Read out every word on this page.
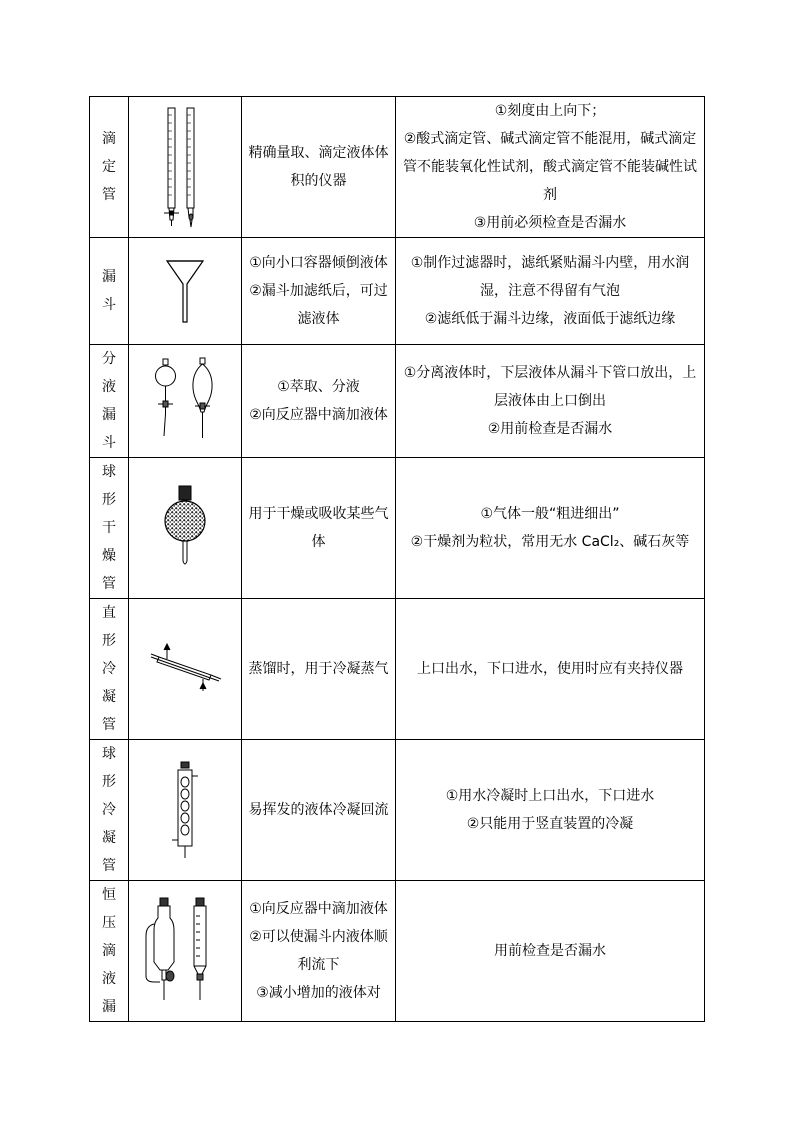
滴
定
管		精确量取、滴定液体体积的仪器	①刻度由上向下；
②酸式滴定管、碱式滴定管不能混用，碱式滴定管不能装氧化性试剂，酸式滴定管不能装碱性试剂
③用前必须检查是否漏水

漏
斗		①向小口容器倾倒液体
②漏斗加滤纸后，可过滤液体	①制作过滤器时，滤纸紧贴漏斗内壁，用水润湿，注意不得留有气泡
②滤纸低于漏斗边缘，液面低于滤纸边缘

分
液
漏
斗		①萃取、分液
②向反应器中滴加液体	①分离液体时，下层液体从漏斗下管口放出，上层液体由上口倒出
②用前检查是否漏水

球
形
干
燥
管		用于干燥或吸收某些气体	①气体一般“粗进细出”
②干燥剂为粒状，常用无水 CaCl₂、碱石灰等

直
形
冷
凝
管		蒸馏时，用于冷凝蒸气	上口出水，下口进水，使用时应有夹持仪器

球
形
冷
凝
管		易挥发的液体冷凝回流	①用水冷凝时上口出水，下口进水
②只能用于竖直装置的冷凝

恒
压
滴
液
漏		①向反应器中滴加液体
②可以使漏斗内液体顺利流下
③减小增加的液体对	用前检查是否漏水
